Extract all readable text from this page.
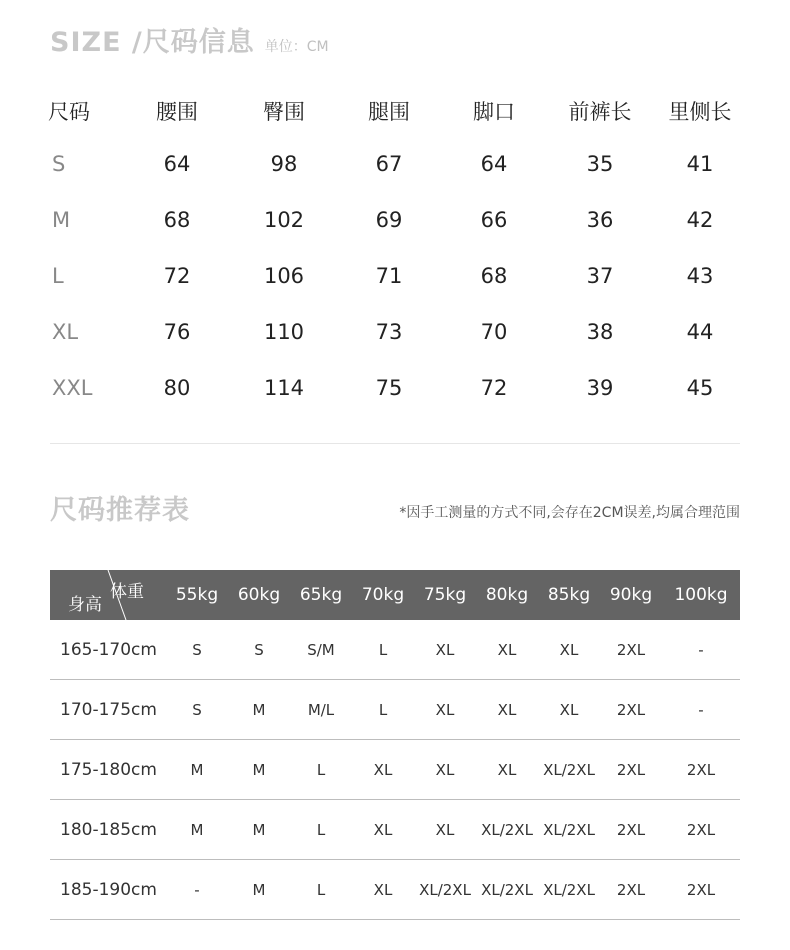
SIZE /尺码信息 单位：CM
尺码	腰围	臀围	腿围	脚口	前裤长	里侧长
S	64	98	67	64	35	41
M	68	102	69	66	36	42
L	72	106	71	68	37	43
XL	76	110	73	70	38	44
XXL	80	114	75	72	39	45
尺码推荐表	*因手工测量的方式不同,会存在2CM误差,均属合理范围
体重
身高	55kg	60kg	65kg	70kg	75kg	80kg	85kg	90kg	100kg
165-170cm	S	S	S/M	L	XL	XL	XL	2XL	-
170-175cm	S	M	M/L	L	XL	XL	XL	2XL	-
175-180cm	M	M	L	XL	XL	XL	XL/2XL	2XL	2XL
180-185cm	M	M	L	XL	XL	XL/2XL	XL/2XL	2XL	2XL
185-190cm	-	M	L	XL	XL/2XL	XL/2XL	XL/2XL	2XL	2XL
